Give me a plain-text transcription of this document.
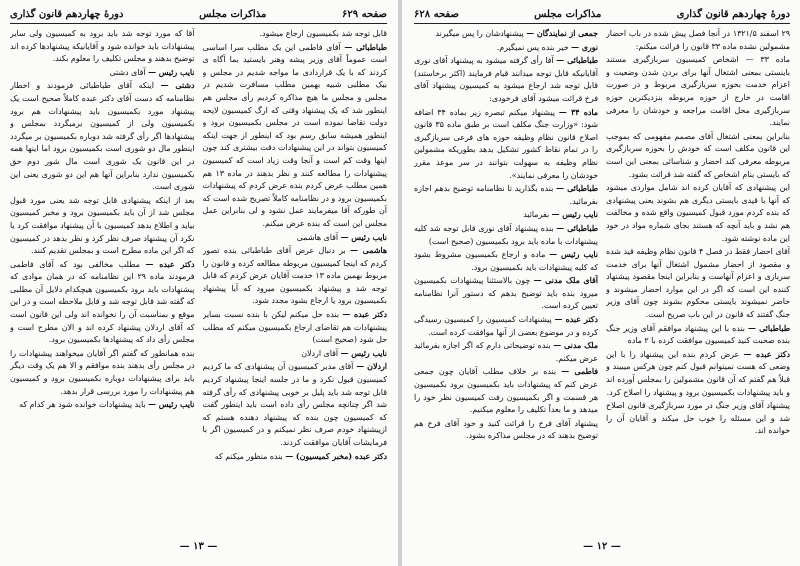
صفحه ۶۲۹
مذاکرات مجلس
دورهٔ چهاردهم قانون گذاری

قابل توجه شد بکمیسیون ارجاع میشود.

طباطبائی — آقای فاطمی این یک مطلب سرا اساسی است عموماً آقای وزیر پیشه وهنر بایستید بما آگاه ی کردند که با یک قراردادی ما مواجه شدیم در مجلس و بیک مطلبی شبیه بهمین مطلب مسافرت شدیم در مجلس و مجلس ما هیچ مذاکره کردیم رأی مجلس هم اینطور شد که یک پیشنهاد وقتی که ارگ کمیسیون لایحه دولت تقاضا نموده است در مجلس بکمیسیون برود و اینطور همیشه سابق رسم بود که اینطور از جهت اینکه کمیسیون بتواند در این پیشنهادات دقت بیشتری کند چون اینها وقت کم است و آنجا وقت زیاد است که کمیسیون پیشنهادات را مطالعه کنند و نظر بدهند در ماده ۱۳ هم همین مطلب عرض کردم بنده عرض کردم که پیشنهادات بکمیسیون برود و در نظامنامه کاملاً تصریح شده است که آن طورکه آقا میفرمایند عمل نشود و لی بنابراین عمل مجلس این است که بنده عرض میکنم.

نایب رئیس — آقای هاشمی

هاشمی — بر دنبال عرض آقای طباطبائی بنده تصور کردم که اینجا کمیسیون مربوطه مطالعه کرده و قانون را مربوط بهمین ماده ۱۳ خدمت آقایان عرض کردم که قابل توجه شد و پیشنهاد بکمیسیون میرود که آیا پیشنهاد بکمیسیون برود یا ارجاع بشود مجدد شود.

دکتر عبده — بنده حل میکنم لیکن با بنده نسبت بسایر پیشنهادات هم تقاضای ارجاع بکمیسیون میکنم که مطلب حل شود (صحیح است)

نایب رئیس — آقای اردلان

اردلان — آقای مدیر کمیسیون آن پیشنهادی که ما کردیم کمیسیون قبول نکرد و ما در جلسه اینجا پیشنهاد کردیم قابل توجه شد باید پلیل بر خوبی پیشنهادی که رأی گرفته شد اگر چنانچه مجلس رأی داده است باید اینطور گفت که کمیسیون چون بنده که پیشنهاد دهنده هستم که ازپیشنهاد خودم صرف نظر نمیکنم و در کمیسیون اگر با فرمایشات آقایان موافقت کردند.

دکتر عبده (مخبر کمیسیون) — بنده منظور میکنم که

آقا که مورد توجه شد باید برود به کمیسیون ولی سایر پیشنهادات باید خوانده شود و آقایانیکه پیشنهادها کرده اند توضیح بدهند و مجلس تکلیف را معلوم بکند.

نایب رئیس — آقای دشتی

دشتی — اینکه آقای طباطبائی فرمودند و اخطار نظامنامه که دست آقای دکتر عبده کاملاً صحیح است یک پیشنهاد مورد بکمیسیون باید پیشنهادات هم برود بکمیسیون ولی از کمیسیون برمیگردد بمجلس و پیشنهادها اگر رأی گرفته شد دوباره بکمیسیون بر میگردد اینطور مال دو شوری است بکمیسیون برود اما اینها همه در این قانون یک شوری است مال شور دوم حق بکمیسیون ندارد بنابراین آنها هم این دو شوری یعنی این شوری است.

بعد از اینکه پیشنهادی قابل توجه شد یعنی مورد قبول مجلس شد از آن باید بکمیسیون برود و مخبر کمیسیون بیاید و اطلاع بدهد کمیسیون با آن پیشنهاد موافقت کرد یا نکرد آن پیشنهاد صرف نظر کرد و نظر بدهد در کمیسیون که اگر این ماده مطرح است و بمجلس تقدیم کنند.

دکتر عبده — مطلب مخالفی بود که آقای فاطمی فرمودند ماده ۲۹ این نظامنامه که در همان موادی که پیشنهادات باید برود بکمیسیون هیچکدام دلایل آن مطلبی که گفته شد قابل توجه شد و قابل ملاحظه است و در این موقع و بمناسبت آن را نخوانده اند ولی این قانون است که آقای اردلان پیشنهاد کرده اند و الان مطرح است و مجلس رأی داد که پیشنهادها بکمیسیون برود.

بنده همانطور که گفتم اگر آقایان میخواهند پیشنهادات را در مجلس رأی بدهند بنده موافقم و الا هم یک وقت دیگر باید برای پیشنهادات دوباره بکمیسیون برود و کمیسیون هم پیشنهادات را مورد بررسی قرار بدهد.

نایب رئیس — باید پیشنهادات خوانده شود هر کدام که

— ۱۳ —
دورهٔ چهاردهم قانون گذاری
مذاکرات مجلس
صفحه ۶۲۸

۲۹ اسفند ۱۳۲۱/۵ در آنجا فصل پیش شده در باب احضار مشمولین نشده ماده ۳۳ قانون را قرائت میکنم:

ماده ۳۳ — اشخاص کمیسیون سربازگیری مستند باینستی بمعنی اشتغال آنها برای بردن شدن وضعیت و اعزام خدمت بحوزه سربازگیری مربوط و در صورت اقامت در خارج از حوزه مربوطه بنزدیکترین حوزه سربازگیری محل اقامت مراجعه و خودشان را معرفی نمایند.

بنابراین بمعنی اشتغال آقای مصمم مفهومی که بموجب این قانون مکلف است که خودش را بحوزه سربازگیری مربوطه معرفی کند احضار و شناسائی بمعنی این است که بایستی بنام اشخاص که گفته شد قرائت بشود.

این پیشنهادی که آقایان کرده اند شامل مواردی میشود که آنها با قیدی بایستی دیگری هم بشوند یعنی پیشنهادی که بنده کردم مورد قبول کمیسیون واقع شده و مخالفت هم نشد و باید آنچه که هستند بجای شماره مواد در خود این ماده نوشته شود.

آقای احضار فقط در فصل ۴ قانون نظام وظیفه قید شده و مقصود از احضار مشمول اشتغال آنها برای خدمت سربازی و اعزام آنهاست و بنابراین اینجا مقصود پیشنهاد کننده این است که اگر در این موارد احضار میشوند و حاضر نمیشوند بایستی محکوم بشوند چون آقای وزیر جنگ گفتند که قانون در این باب صریح است.

طباطبائی — بنده با این پیشنهاد موافقم آقای وزیر جنگ بنده صحبت کنید کمیسیون موافقت کرده با ۲ ماده

دکتر عبده — عرض کردم بنده این پیشنهاد را با این وضعی که هست نمیتوانم قبول کنم چون هرکس میبیند و قبلاً هم گفتم که آن قانون مشمولین را بمجلس آورده اند و باید پیشنهادات بکمیسیون برود و پیشنهاد را اصلاح کرد.

پیشنهاد آقای وزیر جنگ در مورد سربازگیری قانون اصلاح شد و این مسئله را خوب حل میکند و آقایان آن را خوانده اند.

جمعی از نمایندگان — پیشنهادشان را پس میگیرند

نوری — خیر بنده پس نمیگیرم.

طباطبائی — آقا رأی گرفته میشود به پیشنهاد آقای نوری آقایانیکه قابل توجه میدانند قیام فرمایند (اکثر برخاستند) قابل توجه شد ارجاع میشود به کمیسیون پیشنهاد آقای فرخ قرائت میشود آقای فرخودی:

ماده ۳۴ — پیشنهاد میکنم تبصره زیر بماده ۳۴ اضافه شود: «وزارت جنگ مکلف است بر طبق ماده ۳۵ قانون اصلاح قانون نظام وظیفه حوزه های فرعی سربازگیری را در تمام نقاط کشور تشکیل بدهد بطوریکه مشمولین نظام وظیفه به سهولت بتوانند در سر موعد مقرر خودشان را معرفی نمایند».

طباطبائی — بنده بگذارید تا نظامنامه توضیح بدهم اجازه بفرمائید.

نایب رئیس — بفرمائید

طباطبائی — بنده پیشنهاد آقای نوری قابل توجه شد کلیه پیشنهادات با ماده باید برود بکمیسیون (صحیح است)

نایب رئیس — ماده و ارجاع بکمیسیون مشروط بشود که کلیه پیشنهادات باید بکمیسیون برود.

آقای ملک مدنی — چون بالاستثنا پیشنهادات بکمیسیون میرود بنده باید توضیح بدهم که دستور آنرا نظامنامه تعیین کرده است.

دکتر عبده — پیشنهادات کمیسیون را کمیسیون رسیدگی کرده و در موضوع بعضی از آنها موافقت کرده است.

ملک مدنی — بنده توضیحاتی دارم که اگر اجازه بفرمائید عرض میکنم.

فاطمی — بنده بر خلاف مطلب آقایان چون جمعی عرض کنم که پیشنهادات باید بکمیسیون برود بکمیسیون هر قسمت و اگر بکمیسیون رفت کمیسیون نظر خود را میدهد و ما بعداً تکلیف را معلوم میکنیم.

پیشنهاد آقای فرخ را قرائت کنید و خود آقای فرخ هم توضیح بدهند که در مجلس مذاکره بشود.

— ۱۲ —
